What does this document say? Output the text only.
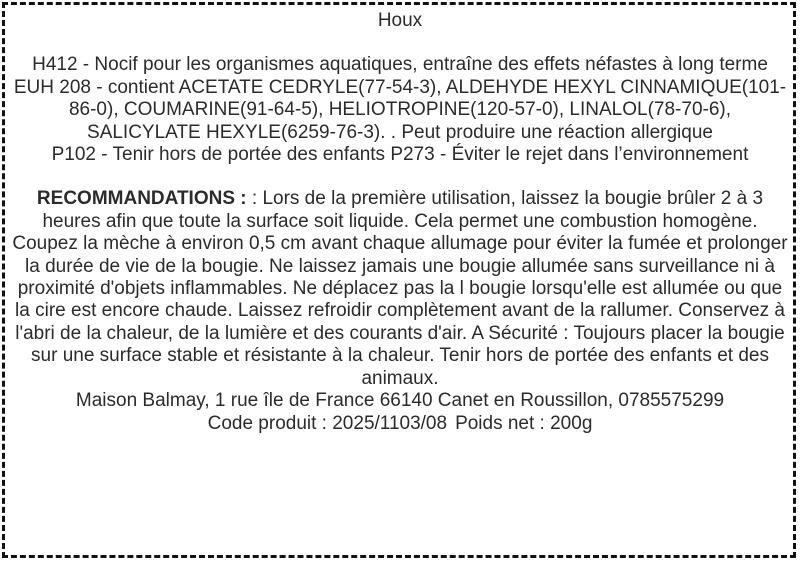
Houx

H412 - Nocif pour les organismes aquatiques, entraîne des effets néfastes à long terme

EUH 208 - contient ACETATE CEDRYLE(77-54-3), ALDEHYDE HEXYL CINNAMIQUE(101-86-0), COUMARINE(91-64-5), HELIOTROPINE(120-57-0), LINALOL(78-70-6), SALICYLATE HEXYLE(6259-76-3). . Peut produire une réaction allergique

P102 - Tenir hors de portée des enfants P273 - Éviter le rejet dans l’environnement

RECOMMANDATIONS : : Lors de la première utilisation, laissez la bougie brûler 2 à 3 heures afin que toute la surface soit liquide. Cela permet une combustion homogène. Coupez la mèche à environ 0,5 cm avant chaque allumage pour éviter la fumée et prolonger la durée de vie de la bougie. Ne laissez jamais une bougie allumée sans surveillance ni à proximité d'objets inflammables. Ne déplacez pas la l bougie lorsqu'elle est allumée ou que la cire est encore chaude. Laissez refroidir complètement avant de la rallumer. Conservez à l'abri de la chaleur, de la lumière et des courants d'air. A Sécurité : Toujours placer la bougie sur une surface stable et résistante à la chaleur. Tenir hors de portée des enfants et des animaux.

Maison Balmay, 1 rue île de France 66140 Canet en Roussillon, 0785575299

Code produit : 2025/1103/08 Poids net : 200g
